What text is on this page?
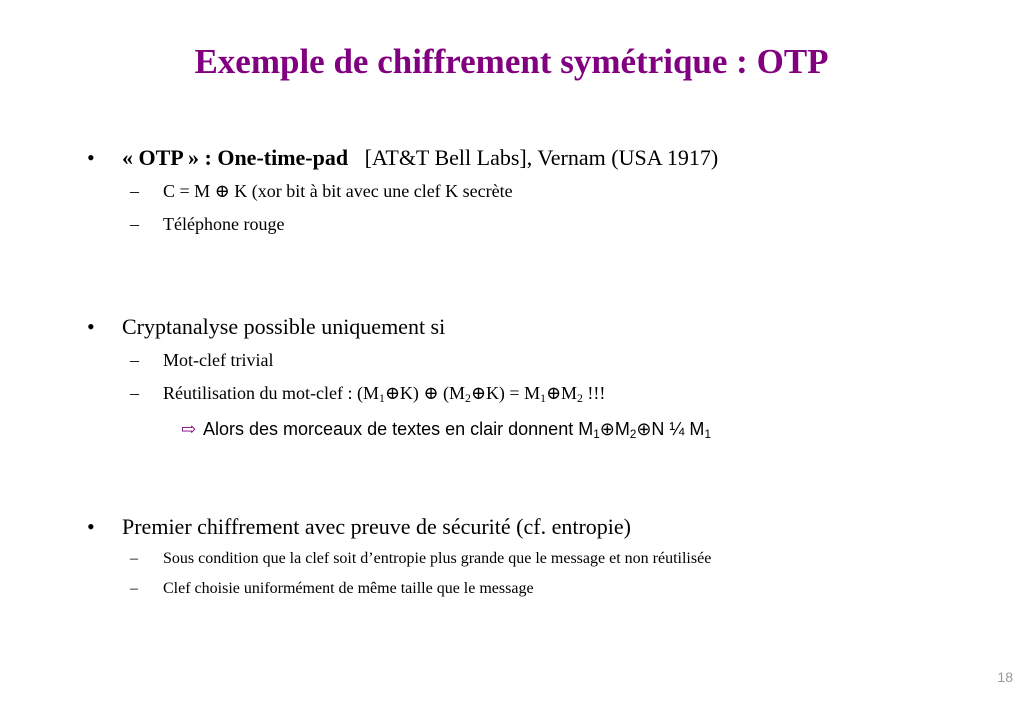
Exemple de chiffrement symétrique : OTP
• « OTP » : One-time-pad [AT&T Bell Labs], Vernam (USA 1917)
– C = M ⊕ K (xor bit à bit avec une clef K secrète
– Téléphone rouge
• Cryptanalyse possible uniquement si
– Mot-clef trivial
– Réutilisation du mot-clef : $(M_1\oplus K)$ ⊕ $(M_2\oplus K)$ = $M_1\oplus M_2$ !!!
⇨ Alors des morceaux de textes en clair donnent $M_1\oplus M_2\oplus N$ ¼ $M_1$
• Premier chiffrement avec preuve de sécurité (cf. entropie)
– Sous condition que la clef soit d’entropie plus grande que le message et non réutilisée
– Clef choisie uniformément de même taille que le message
18
